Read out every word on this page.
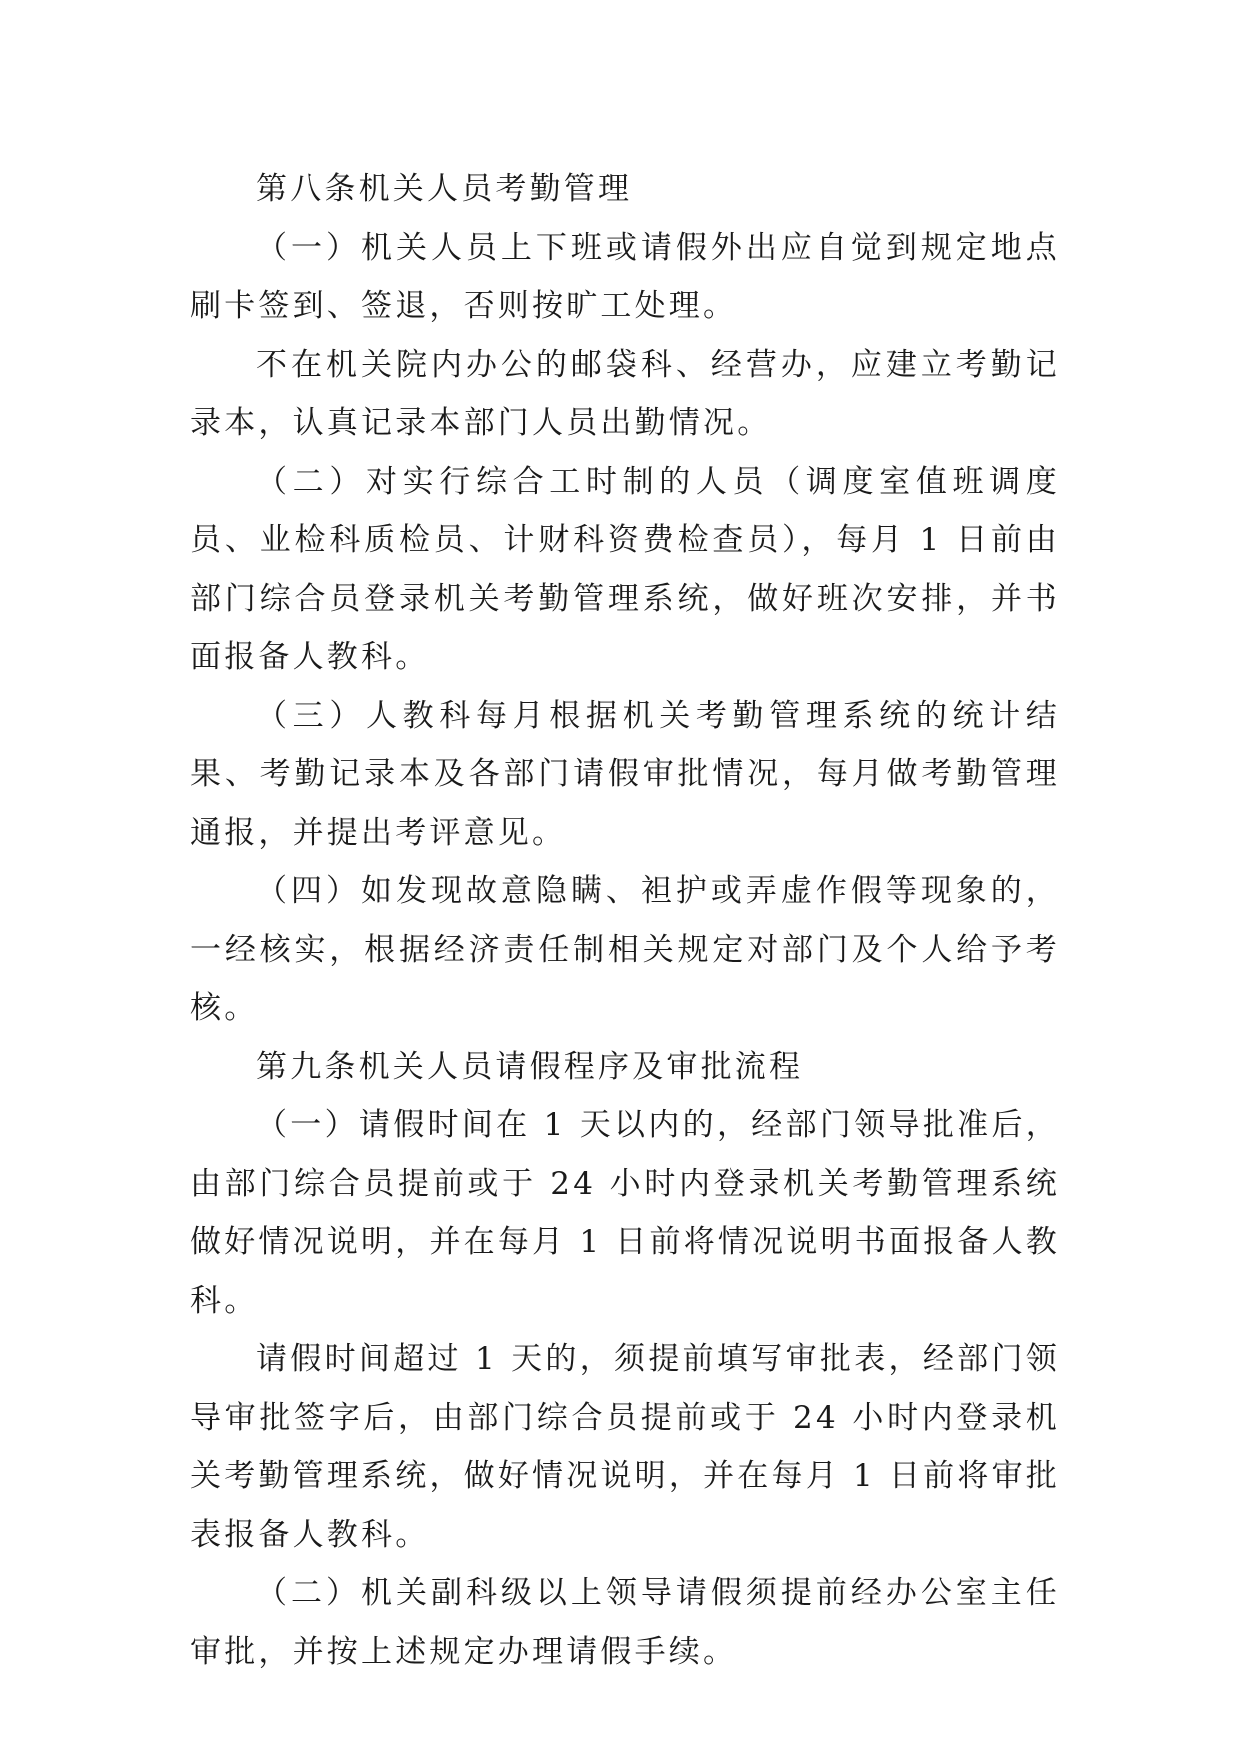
第八条机关人员考勤管理

（一）机关人员上下班或请假外出应自觉到规定地点刷卡签到、签退，否则按旷工处理。

不在机关院内办公的邮袋科、经营办，应建立考勤记录本，认真记录本部门人员出勤情况。

（二）对实行综合工时制的人员（调度室值班调度员、业检科质检员、计财科资费检查员），每月 1 日前由部门综合员登录机关考勤管理系统，做好班次安排，并书面报备人教科。

（三）人教科每月根据机关考勤管理系统的统计结果、考勤记录本及各部门请假审批情况，每月做考勤管理通报，并提出考评意见。

（四）如发现故意隐瞒、袒护或弄虚作假等现象的，一经核实，根据经济责任制相关规定对部门及个人给予考核。

第九条机关人员请假程序及审批流程

（一）请假时间在 1 天以内的，经部门领导批准后，由部门综合员提前或于 24 小时内登录机关考勤管理系统做好情况说明，并在每月 1 日前将情况说明书面报备人教科。

请假时间超过 1 天的，须提前填写审批表，经部门领导审批签字后，由部门综合员提前或于 24 小时内登录机关考勤管理系统，做好情况说明，并在每月 1 日前将审批表报备人教科。

（二）机关副科级以上领导请假须提前经办公室主任审批，并按上述规定办理请假手续。
